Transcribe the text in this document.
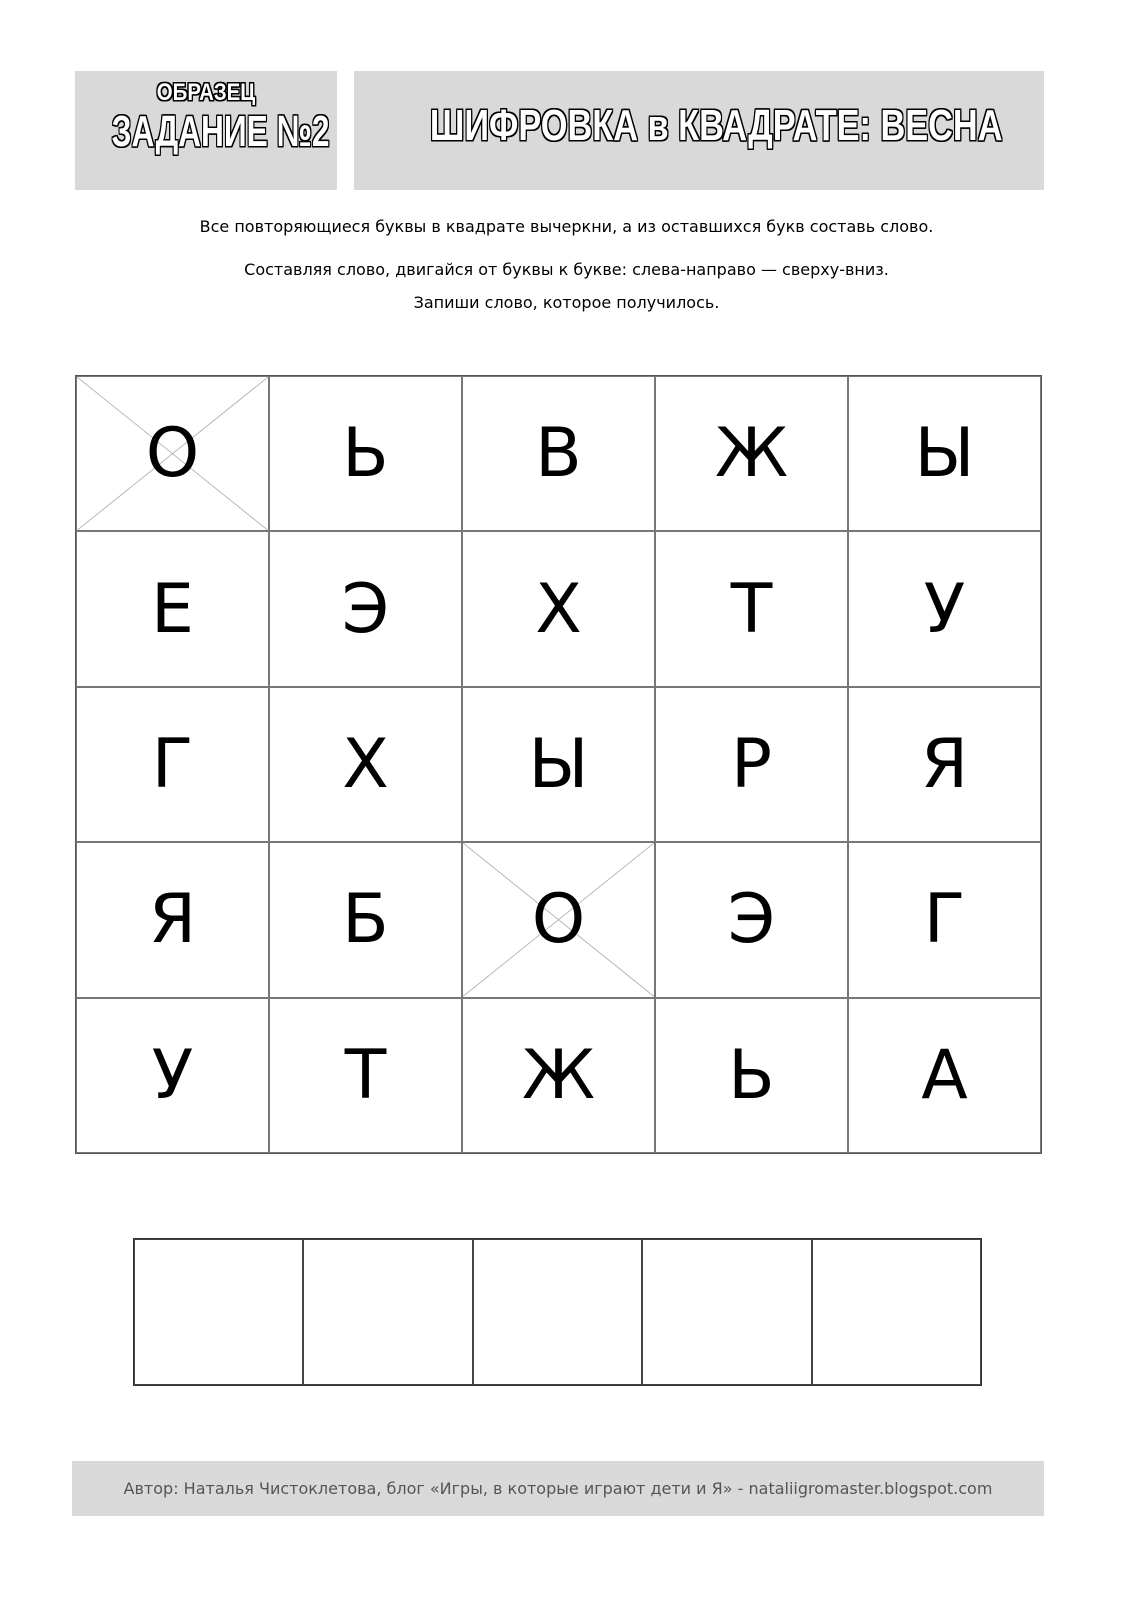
ОБРАЗЕЦ
ЗАДАНИЕ №2 ШИФРОВКА в КВАДРАТЕ: ВЕСНА
Все повторяющиеся буквы в квадрате вычеркни, а из оставшихся букв составь слово.
Составляя слово, двигайся от буквы к букве: слева-направо — сверху-вниз.
Запиши слово, которое получилось.
О Ь В Ж Ы
Е Э Х Т У
Г Х Ы Р Я
Я Б О Э Г
У Т Ж Ь А
Автор: Наталья Чистоклетова, блог «Игры, в которые играют дети и Я» - nataliigromaster.blogspot.com
